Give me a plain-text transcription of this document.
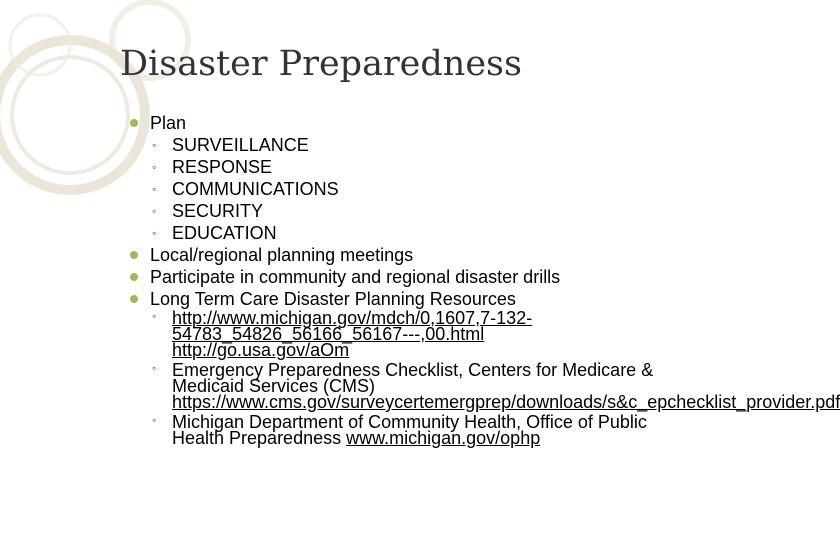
Disaster Preparedness
Plan
◦ SURVEILLANCE
◦ RESPONSE
◦ COMMUNICATIONS
◦ SECURITY
◦ EDUCATION
Local/regional planning meetings
Participate in community and regional disaster drills
Long Term Care Disaster Planning Resources
◦ http://www.michigan.gov/mdch/0,1607,7-132-54783_54826_56166_56167---,00.html
http://go.usa.gov/aOm
◦ Emergency Preparedness Checklist, Centers for Medicare & Medicaid Services (CMS)
https://www.cms.gov/surveycertemergprep/downloads/s&c_epchecklist_provider.pdf
◦ Michigan Department of Community Health, Office of Public Health Preparedness www.michigan.gov/ophp
